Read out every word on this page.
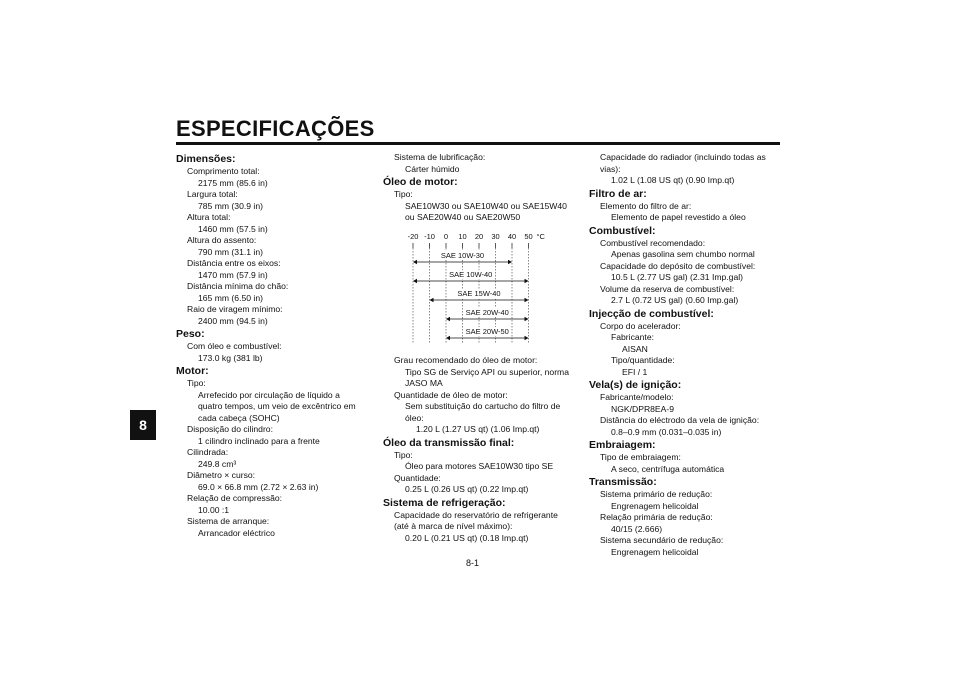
ESPECIFICAÇÕES
8
8-1
Dimensões:
Comprimento total:
2175 mm (85.6 in)
Largura total:
785 mm (30.9 in)
Altura total:
1460 mm (57.5 in)
Altura do assento:
790 mm (31.1 in)
Distância entre os eixos:
1470 mm (57.9 in)
Distância mínima do chão:
165 mm (6.50 in)
Raio de viragem mínimo:
2400 mm (94.5 in)
Peso:
Com óleo e combustível:
173.0 kg (381 lb)
Motor:
Tipo:
Arrefecido por circulação de líquido a
quatro tempos, um veio de excêntrico em
cada cabeça (SOHC)
Disposição do cilindro:
1 cilindro inclinado para a frente
Cilindrada:
249.8 cm³
Diâmetro × curso:
69.0 × 66.8 mm (2.72 × 2.63 in)
Relação de compressão:
10.00 :1
Sistema de arranque:
Arrancador eléctrico
Sistema de lubrificação:
Cárter húmido
Óleo de motor:
Tipo:
SAE10W30 ou SAE10W40 ou SAE15W40
ou SAE20W40 ou SAE20W50
-20 -10 0 10 20 30 40 50 °C
SAE 10W-30
SAE 10W-40
SAE 15W-40
SAE 20W-40
SAE 20W-50
Grau recomendado do óleo de motor:
Tipo SG de Serviço API ou superior, norma
JASO MA
Quantidade de óleo de motor:
Sem substituição do cartucho do filtro de
óleo:
1.20 L (1.27 US qt) (1.06 Imp.qt)
Óleo da transmissão final:
Tipo:
Óleo para motores SAE10W30 tipo SE
Quantidade:
0.25 L (0.26 US qt) (0.22 Imp.qt)
Sistema de refrigeração:
Capacidade do reservatório de refrigerante
(até à marca de nível máximo):
0.20 L (0.21 US qt) (0.18 Imp.qt)
Capacidade do radiador (incluindo todas as
vias):
1.02 L (1.08 US qt) (0.90 Imp.qt)
Filtro de ar:
Elemento do filtro de ar:
Elemento de papel revestido a óleo
Combustível:
Combustível recomendado:
Apenas gasolina sem chumbo normal
Capacidade do depósito de combustível:
10.5 L (2.77 US gal) (2.31 Imp.gal)
Volume da reserva de combustível:
2.7 L (0.72 US gal) (0.60 Imp.gal)
Injecção de combustível:
Corpo do acelerador:
Fabricante:
AISAN
Tipo/quantidade:
EFI / 1
Vela(s) de ignição:
Fabricante/modelo:
NGK/DPR8EA-9
Distância do eléctrodo da vela de ignição:
0.8–0.9 mm (0.031–0.035 in)
Embraiagem:
Tipo de embraiagem:
A seco, centrífuga automática
Transmissão:
Sistema primário de redução:
Engrenagem helicoidal
Relação primária de redução:
40/15 (2.666)
Sistema secundário de redução:
Engrenagem helicoidal
